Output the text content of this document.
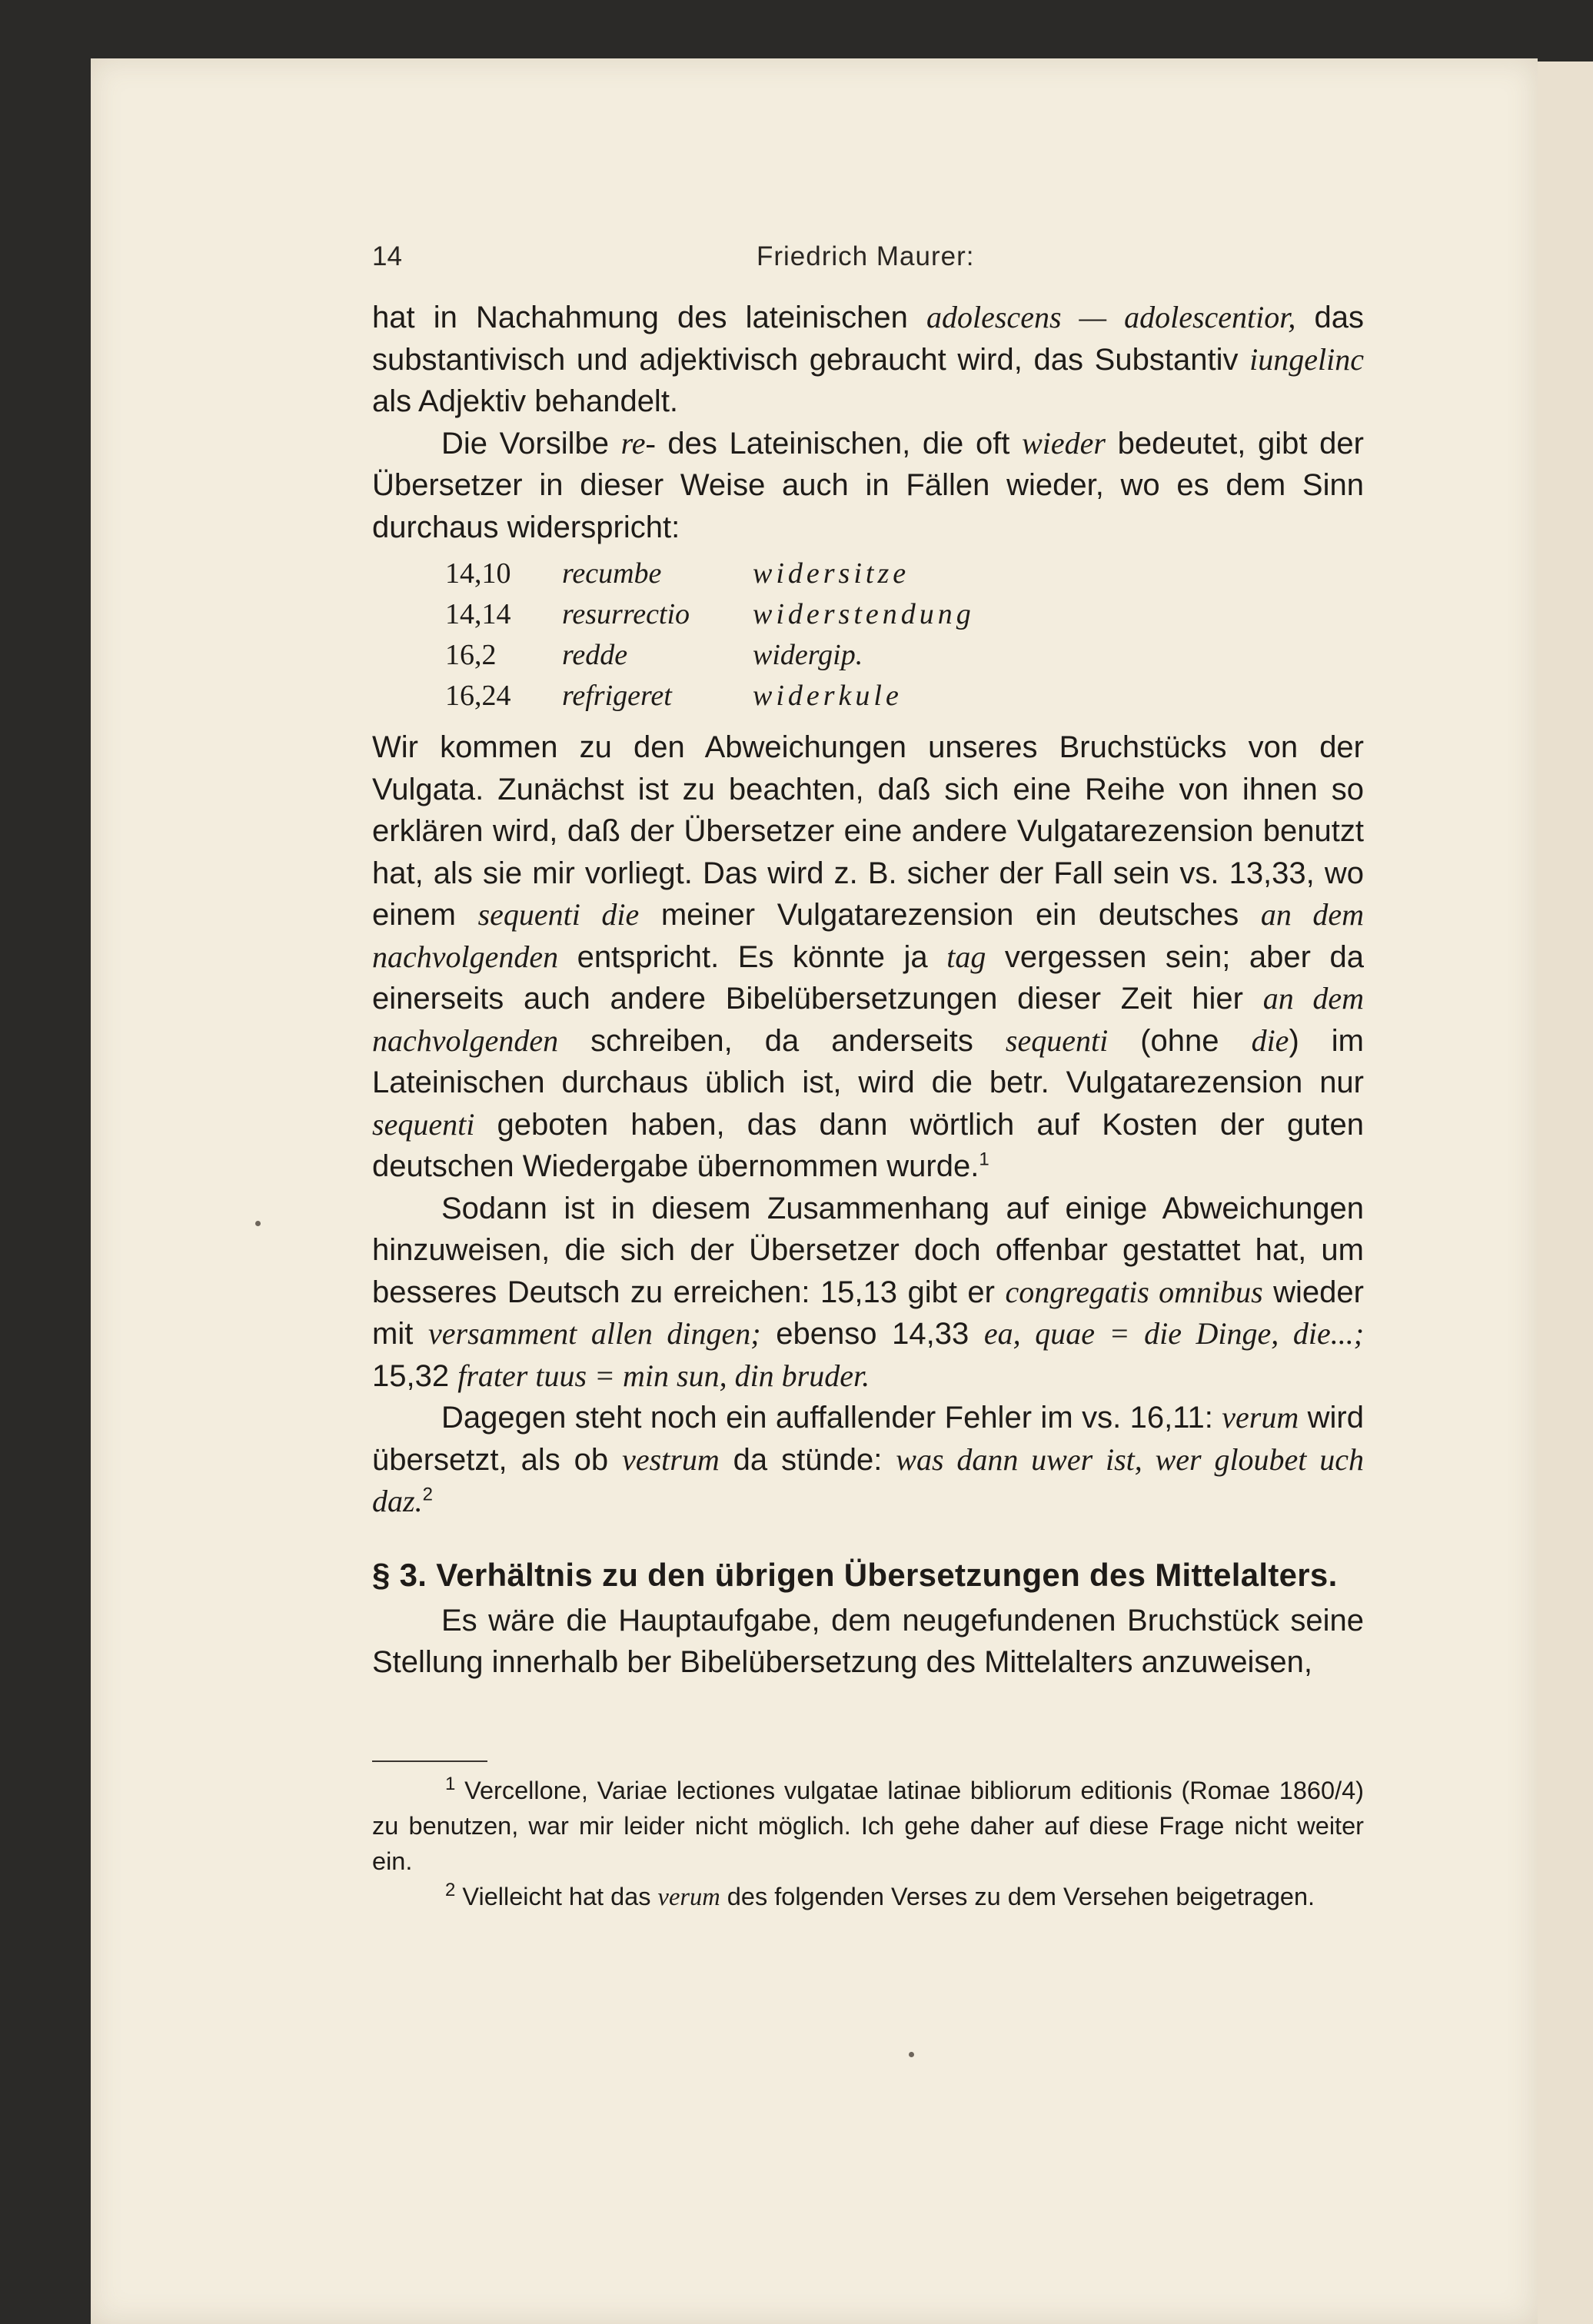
14	Friedrich Maurer:

hat in Nachahmung des lateinischen adolescens — adolescentior, das substantivisch und adjektivisch gebraucht wird, das Substantiv iungelinc als Adjektiv behandelt.

Die Vorsilbe re- des Lateinischen, die oft wieder bedeutet, gibt der Übersetzer in dieser Weise auch in Fällen wieder, wo es dem Sinn durchaus widerspricht:

14,10	recumbe	widersitze
14,14	resurrectio	widerstendung
16,2	redde	widergip.
16,24	refrigeret	widerkule

Wir kommen zu den Abweichungen unseres Bruchstücks von der Vulgata. Zunächst ist zu beachten, daß sich eine Reihe von ihnen so erklären wird, daß der Übersetzer eine andere Vulgatarezension benutzt hat, als sie mir vorliegt. Das wird z. B. sicher der Fall sein vs. 13,33, wo einem sequenti die meiner Vulgatarezension ein deutsches an dem nachvolgenden entspricht. Es könnte ja tag vergessen sein; aber da einerseits auch andere Bibelübersetzungen dieser Zeit hier an dem nachvolgenden schreiben, da anderseits sequenti (ohne die) im Lateinischen durchaus üblich ist, wird die betr. Vulgatarezension nur sequenti geboten haben, das dann wörtlich auf Kosten der guten deutschen Wiedergabe übernommen wurde.$^1$

Sodann ist in diesem Zusammenhang auf einige Abweichungen hinzuweisen, die sich der Übersetzer doch offenbar gestattet hat, um besseres Deutsch zu erreichen: 15,13 gibt er congregatis omnibus wieder mit versamment allen dingen; ebenso 14,33 ea, quae = die Dinge, die...; 15,32 frater tuus = min sun, din bruder.

Dagegen steht noch ein auffallender Fehler im vs. 16,11: verum wird übersetzt, als ob vestrum da stünde: was dann uwer ist, wer gloubet uch daz.$^2$

§ 3. Verhältnis zu den übrigen Übersetzungen des Mittelalters.

Es wäre die Hauptaufgabe, dem neugefundenen Bruchstück seine Stellung innerhalb ber Bibelübersetzung des Mittelalters anzuweisen,

$^1$ Vercellone, Variae lectiones vulgatae latinae bibliorum editionis (Romae 1860/4) zu benutzen, war mir leider nicht möglich. Ich gehe daher auf diese Frage nicht weiter ein.

$^2$ Vielleicht hat das verum des folgenden Verses zu dem Versehen beigetragen.
